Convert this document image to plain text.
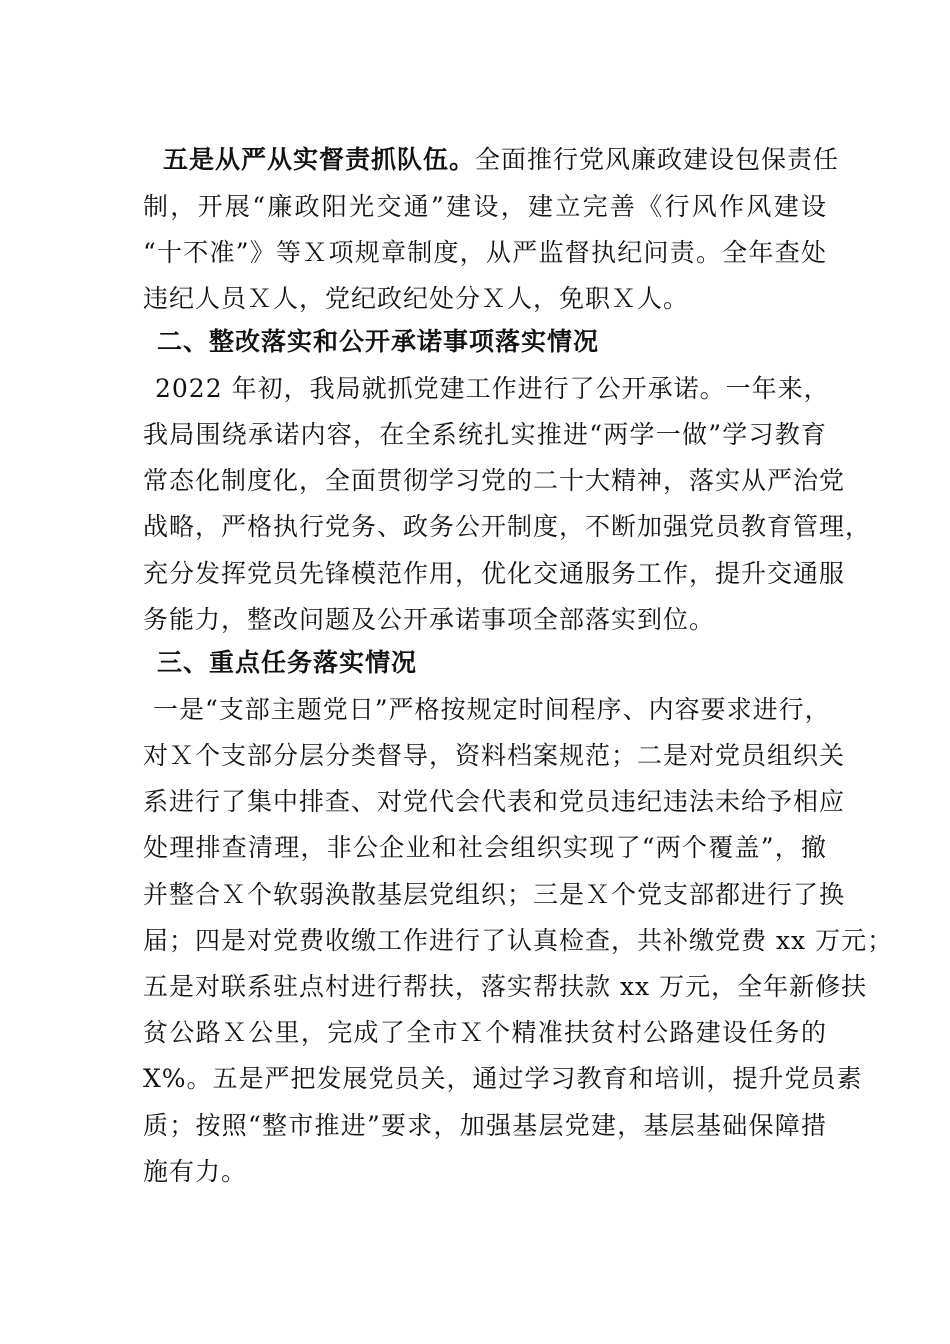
五是从严从实督责抓队伍。全面推行党风廉政建设包保责任
制，开展“廉政阳光交通”建设，建立完善《行风作风建设
“十不准”》等Ｘ项规章制度，从严监督执纪问责。全年查处
违纪人员Ｘ人，党纪政纪处分Ｘ人，免职Ｘ人。
二、整改落实和公开承诺事项落实情况
2022 年初，我局就抓党建工作进行了公开承诺。一年来，
我局围绕承诺内容，在全系统扎实推进“两学一做”学习教育
常态化制度化，全面贯彻学习党的二十大精神，落实从严治党
战略，严格执行党务、政务公开制度，不断加强党员教育管理，
充分发挥党员先锋模范作用，优化交通服务工作，提升交通服
务能力，整改问题及公开承诺事项全部落实到位。
三、重点任务落实情况
一是“支部主题党日”严格按规定时间程序、内容要求进行，
对Ｘ个支部分层分类督导，资料档案规范；二是对党员组织关
系进行了集中排查、对党代会代表和党员违纪违法未给予相应
处理排查清理，非公企业和社会组织实现了“两个覆盖”，撤
并整合Ｘ个软弱涣散基层党组织；三是Ｘ个党支部都进行了换
届；四是对党费收缴工作进行了认真检查，共补缴党费 xx 万元；
五是对联系驻点村进行帮扶，落实帮扶款 xx 万元，全年新修扶
贫公路Ｘ公里，完成了全市Ｘ个精准扶贫村公路建设任务的
X%。五是严把发展党员关，通过学习教育和培训，提升党员素
质；按照“整市推进”要求，加强基层党建，基层基础保障措
施有力。
